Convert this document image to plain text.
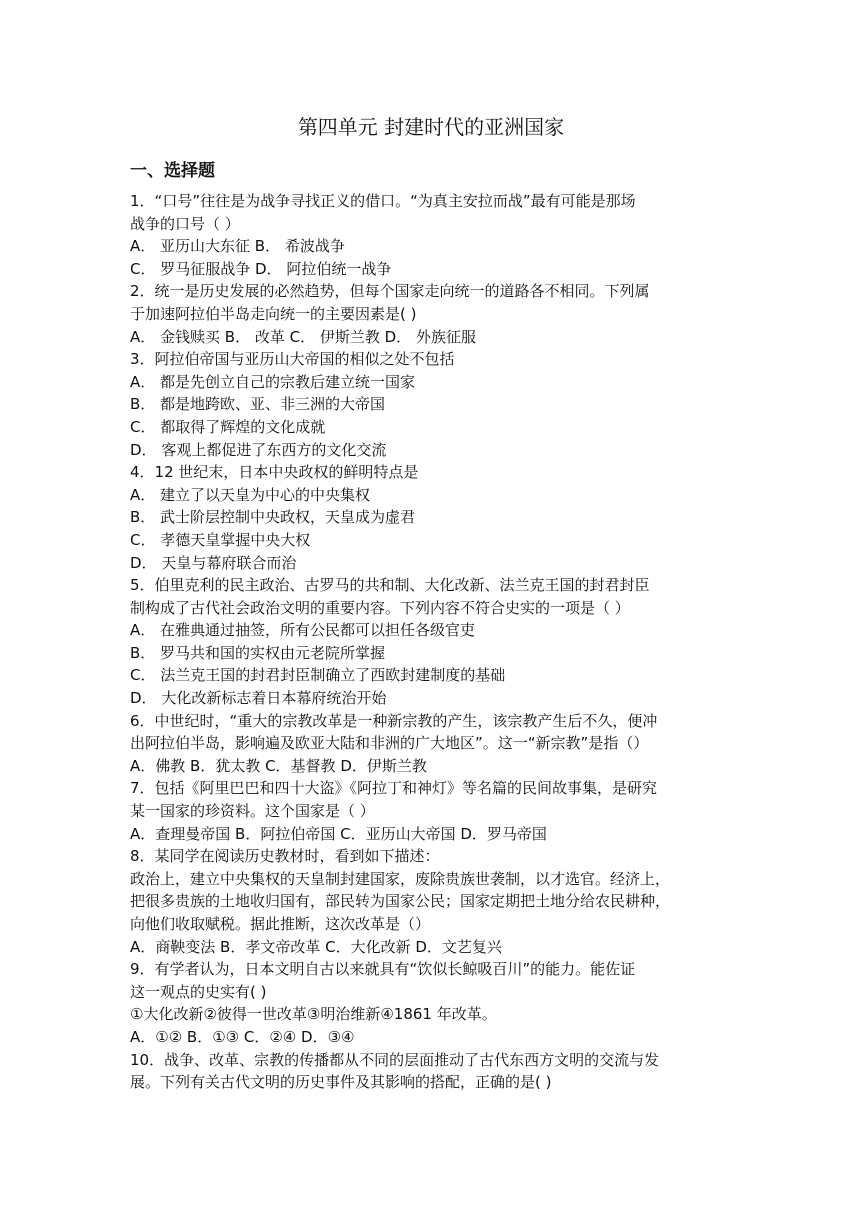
第四单元 封建时代的亚洲国家
一、选择题

1．“口号”往往是为战争寻找正义的借口。“为真主安拉而战”最有可能是那场

战争的口号（ ）

A． 亚历山大东征 B． 希波战争

C． 罗马征服战争 D． 阿拉伯统一战争

2．统一是历史发展的必然趋势，但每个国家走向统一的道路各不相同。下列属

于加速阿拉伯半岛走向统一的主要因素是( )

A． 金钱赎买 B． 改革 C． 伊斯兰教 D． 外族征服

3．阿拉伯帝国与亚历山大帝国的相似之处不包括

A． 都是先创立自己的宗教后建立统一国家

B． 都是地跨欧、亚、非三洲的大帝国

C． 都取得了辉煌的文化成就

D． 客观上都促进了东西方的文化交流

4．12 世纪末，日本中央政权的鲜明特点是

A． 建立了以天皇为中心的中央集权

B． 武士阶层控制中央政权，天皇成为虚君

C． 孝德天皇掌握中央大权

D． 天皇与幕府联合而治

5．伯里克利的民主政治、古罗马的共和制、大化改新、法兰克王国的封君封臣

制构成了古代社会政治文明的重要内容。下列内容不符合史实的一项是（ ）

A． 在雅典通过抽签，所有公民都可以担任各级官吏

B． 罗马共和国的实权由元老院所掌握

C． 法兰克王国的封君封臣制确立了西欧封建制度的基础

D． 大化改新标志着日本幕府统治开始

6．中世纪时，“重大的宗教改革是一种新宗教的产生，该宗教产生后不久，便冲

出阿拉伯半岛，影响遍及欧亚大陆和非洲的广大地区”。这一“新宗教”是指（）

A．佛教 B．犹太教 C．基督教 D．伊斯兰教

7．包括《阿里巴巴和四十大盗》《阿拉丁和神灯》等名篇的民间故事集，是研究

某一国家的珍资料。这个国家是（ ）

A．查理曼帝国 B．阿拉伯帝国 C．亚历山大帝国 D．罗马帝国

8．某同学在阅读历史教材时，看到如下描述：

政治上，建立中央集权的天皇制封建国家，废除贵族世袭制，以才选官。经济上，

把很多贵族的土地收归国有，部民转为国家公民；国家定期把土地分给农民耕种，

向他们收取赋税。据此推断，这次改革是（）

A．商鞅变法 B．孝文帝改革 C．大化改新 D．文艺复兴

9．有学者认为，日本文明自古以来就具有“饮似长鲸吸百川”的能力。能佐证

这一观点的史实有( )

①大化改新②彼得一世改革③明治维新④1861 年改革。

A．①② B．①③ C．②④ D．③④

10．战争、改革、宗教的传播都从不同的层面推动了古代东西方文明的交流与发

展。下列有关古代文明的历史事件及其影响的搭配，正确的是( )
